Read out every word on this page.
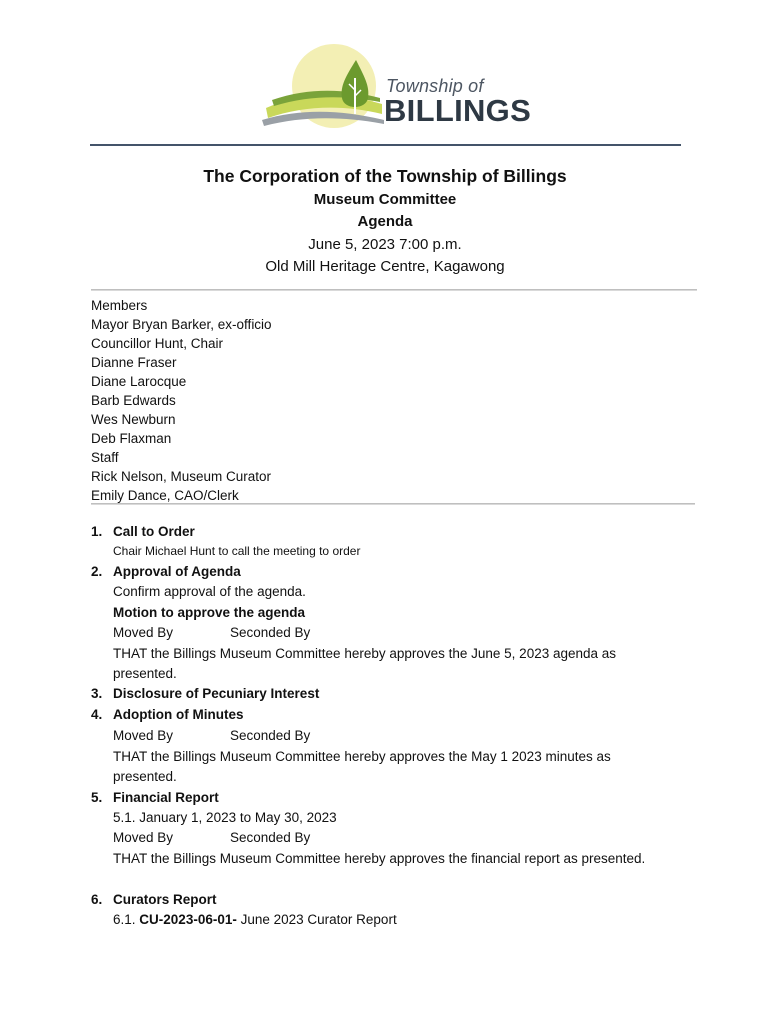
Township of
BILLINGS
The Corporation of the Township of Billings
Museum Committee
Agenda
June 5, 2023 7:00 p.m.
Old Mill Heritage Centre, Kagawong
Members
Mayor Bryan Barker, ex-officio
Councillor Hunt, Chair
Dianne Fraser
Diane Larocque
Barb Edwards
Wes Newburn
Deb Flaxman
Staff
Rick Nelson, Museum Curator
Emily Dance, CAO/Clerk
1. Call to Order
Chair Michael Hunt to call the meeting to order
2. Approval of Agenda
Confirm approval of the agenda.
Motion to approve the agenda
Moved By	Seconded By
THAT the Billings Museum Committee hereby approves the June 5, 2023 agenda as
presented.
3. Disclosure of Pecuniary Interest
4. Adoption of Minutes
Moved By	Seconded By
THAT the Billings Museum Committee hereby approves the May 1 2023 minutes as
presented.
5. Financial Report
5.1. January 1, 2023 to May 30, 2023
Moved By	Seconded By
THAT the Billings Museum Committee hereby approves the financial report as presented.
6. Curators Report
6.1. CU-2023-06-01- June 2023 Curator Report
